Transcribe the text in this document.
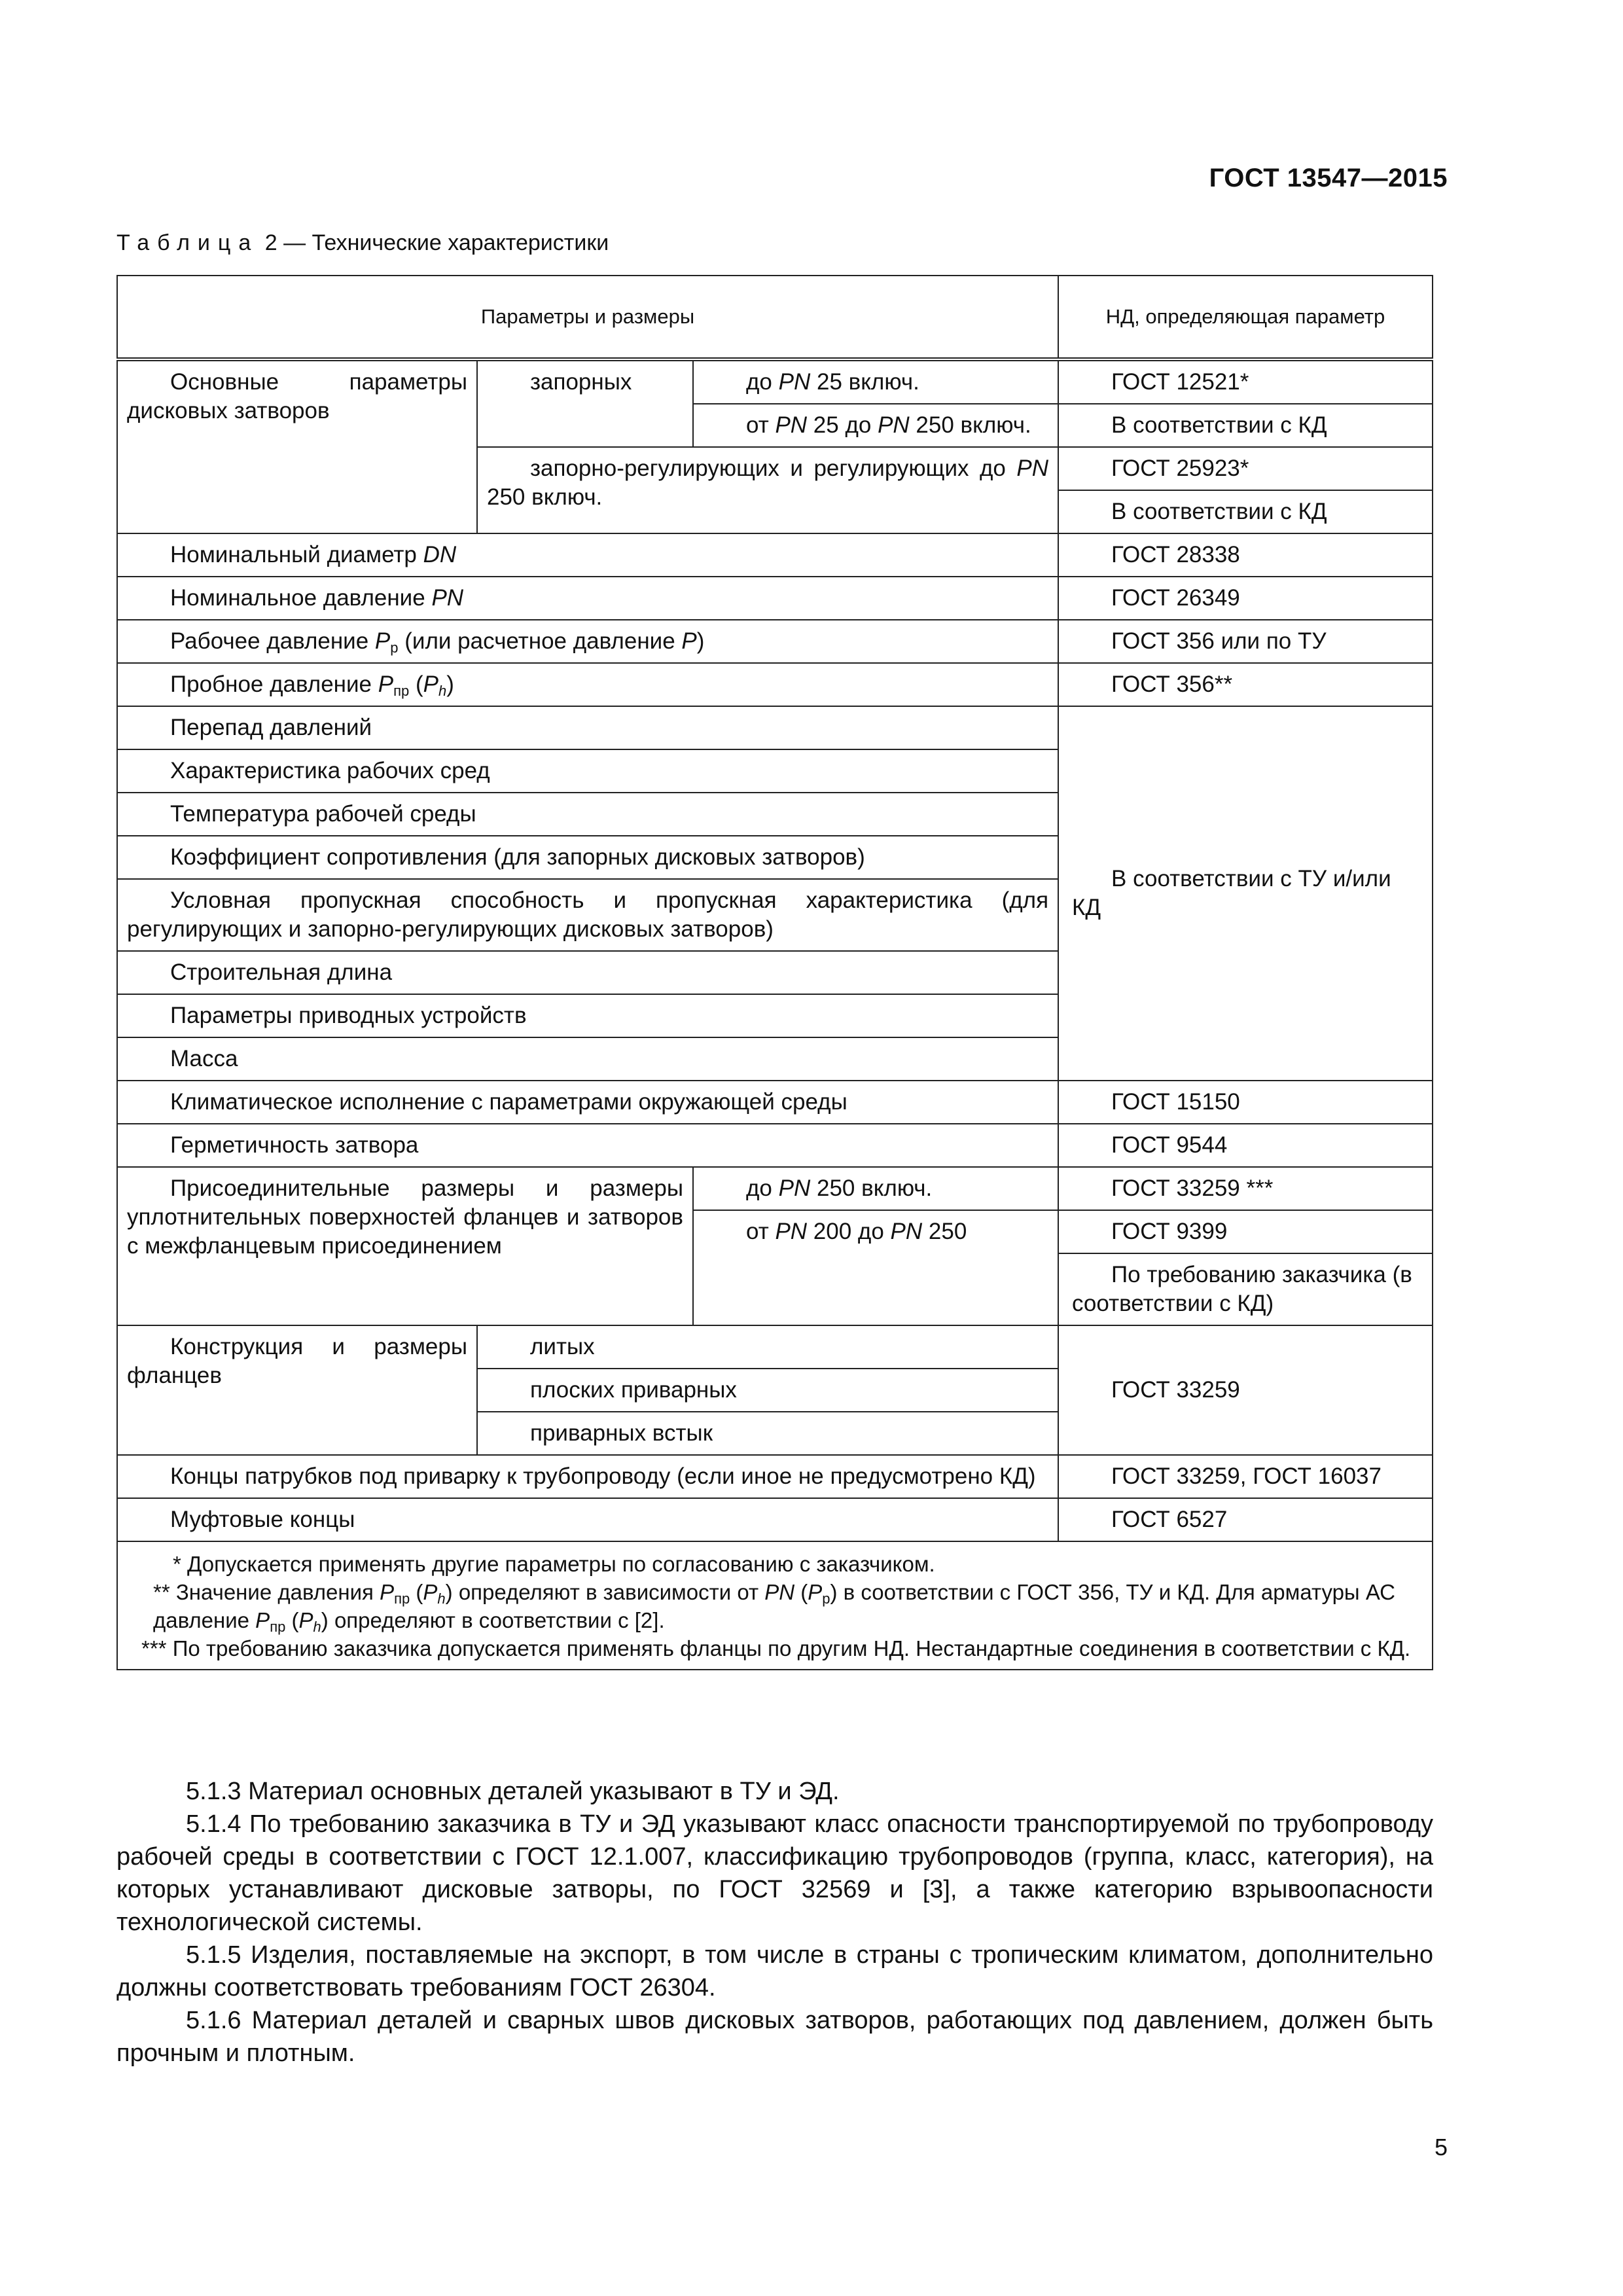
ГОСТ 13547—2015
Таблица 2 — Технические характеристики
Параметры и размеры			НД, определяющая параметр
Основные параметры дисковых затворов	запорных	до PN 25 включ.	ГОСТ 12521*
		от PN 25 до PN 250 включ.	В соответствии с КД
	запорно-регулирующих и регулирующих до PN 250 включ.		ГОСТ 25923*
			В соответствии с КД
Номинальный диаметр DN			ГОСТ 28338
Номинальное давление PN			ГОСТ 26349
Рабочее давление $P_р$ (или расчетное давление P)			ГОСТ 356 или по ТУ
Пробное давление $P_{пр}$ $(P_h)$			ГОСТ 356**
Перепад давлений			В соответствии с ТУ и/или КД
Характеристика рабочих сред			
Температура рабочей среды			
Коэффициент сопротивления (для запорных дисковых затворов)			
Условная пропускная способность и пропускная характеристика (для регулирующих и запорно-регулирующих дисковых затворов)			
Строительная длина			
Параметры приводных устройств			
Масса			
Климатическое исполнение с параметрами окружающей среды			ГОСТ 15150
Герметичность затвора			ГОСТ 9544
Присоединительные размеры и размеры уплотнительных поверхностей фланцев и затворов с межфланцевым присоединением		до PN 250 включ.	ГОСТ 33259 ***
		от PN 200 до PN 250	ГОСТ 9399
			По требованию заказчика (в соответствии с КД)
Конструкция и размеры фланцев	литых		ГОСТ 33259
	плоских приварных		
	приварных встык		
Концы патрубков под приварку к трубопроводу (если иное не предусмотрено КД)			ГОСТ 33259, ГОСТ 16037
Муфтовые концы			ГОСТ 6527

* Допускается применять другие параметры по согласованию с заказчиком.
** Значение давления $P_{пр}$ $(P_h)$ определяют в зависимости от PN $(P_р)$ в соответствии с ГОСТ 356, ТУ и КД. Для арматуры АС давление $P_{пр}$ $(P_h)$ определяют в соответствии с [2].
*** По требованию заказчика допускается применять фланцы по другим НД. Нестандартные соединения в соответствии с КД.			

5.1.3 Материал основных деталей указывают в ТУ и ЭД.

5.1.4 По требованию заказчика в ТУ и ЭД указывают класс опасности транспортируемой по трубопроводу рабочей среды в соответствии с ГОСТ 12.1.007, классификацию трубопроводов (группа, класс, категория), на которых устанавливают дисковые затворы, по ГОСТ 32569 и [3], а также категорию взрывоопасности технологической системы.

5.1.5 Изделия, поставляемые на экспорт, в том числе в страны с тропическим климатом, дополнительно должны соответствовать требованиям ГОСТ 26304.

5.1.6 Материал деталей и сварных швов дисковых затворов, работающих под давлением, должен быть прочным и плотным.

5
